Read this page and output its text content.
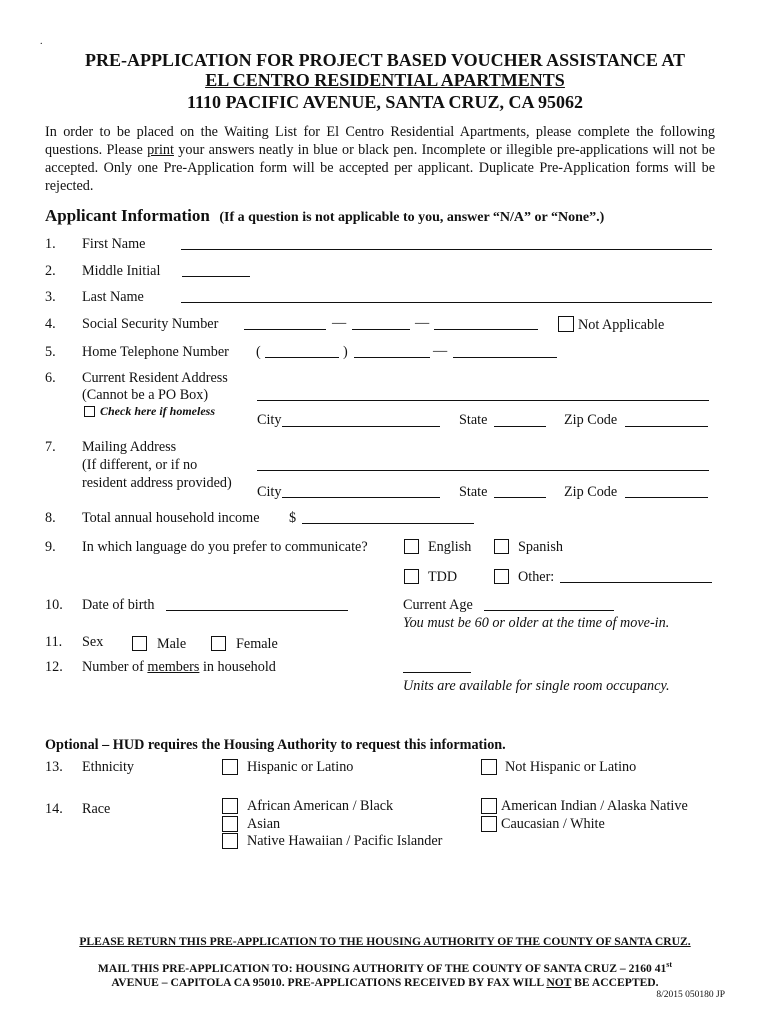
.
PRE-APPLICATION FOR PROJECT BASED VOUCHER ASSISTANCE AT
EL CENTRO RESIDENTIAL APARTMENTS
1110 PACIFIC AVENUE, SANTA CRUZ, CA 95062
In order to be placed on the Waiting List for El Centro Residential Apartments, please complete the following questions. Please print your answers neatly in blue or black pen. Incomplete or illegible pre-applications will not be accepted. Only one Pre-Application form will be accepted per applicant. Duplicate Pre-Application forms will be rejected.
Applicant Information (If a question is not applicable to you, answer “N/A” or “None”.)
1. First Name
2. Middle Initial
3. Last Name
4. Social Security Number	—	—	Not Applicable
5. Home Telephone Number (	)	—
6. Current Resident Address
(Cannot be a PO Box)
Check here if homeless
City	State	Zip Code
7. Mailing Address
(If different, or if no
resident address provided)
City	State	Zip Code
8. Total annual household income $
9. In which language do you prefer to communicate?	English	Spanish
TDD	Other:
10. Date of birth	Current Age
You must be 60 or older at the time of move-in.
11. Sex	Male	Female
12. Number of members in household
Units are available for single room occupancy.
Optional – HUD requires the Housing Authority to request this information.
13. Ethnicity	Hispanic or Latino	Not Hispanic or Latino
14. Race	African American / Black
Asian
Native Hawaiian / Pacific Islander
American Indian / Alaska Native
Caucasian / White
PLEASE RETURN THIS PRE-APPLICATION TO THE HOUSING AUTHORITY OF THE COUNTY OF SANTA CRUZ.
MAIL THIS PRE-APPLICATION TO: HOUSING AUTHORITY OF THE COUNTY OF SANTA CRUZ – 2160 41st
AVENUE – CAPITOLA CA 95010. PRE-APPLICATIONS RECEIVED BY FAX WILL NOT BE ACCEPTED.
8/2015 050180 JP
